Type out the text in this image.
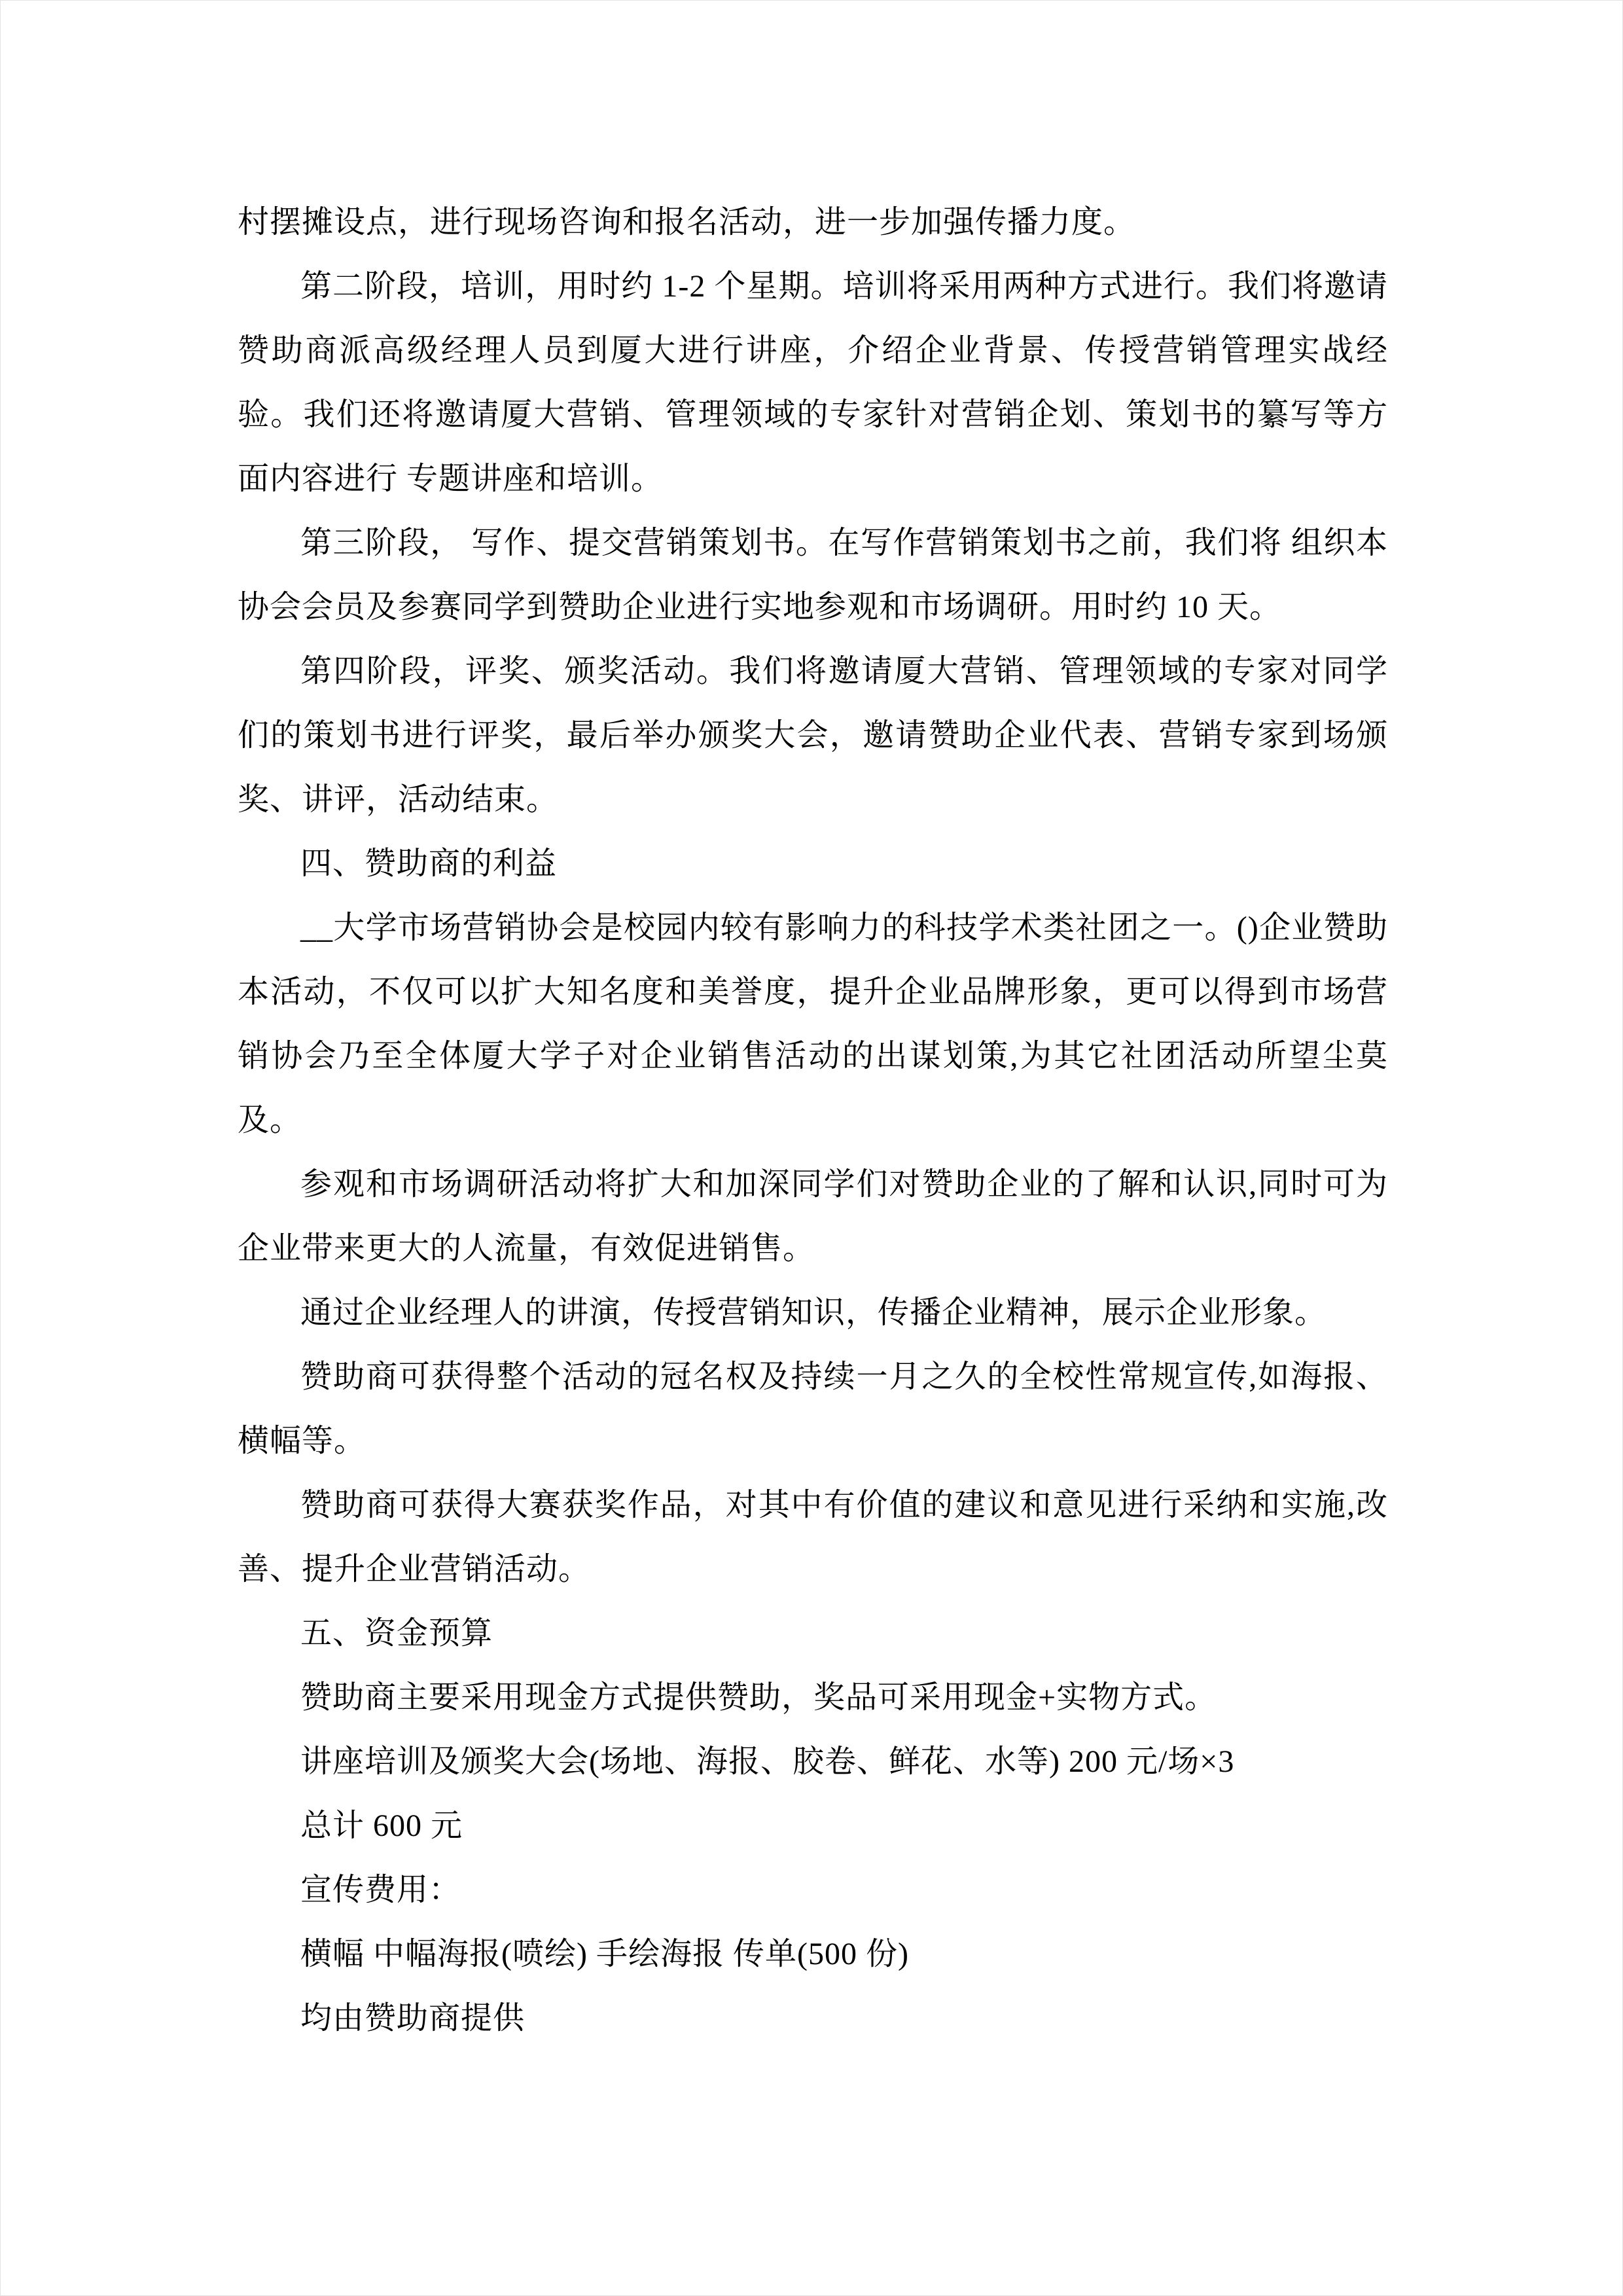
村摆摊设点，进行现场咨询和报名活动，进一步加强传播力度。
第二阶段，培训，用时约 1-2 个星期。培训将采用两种方式进行。我们将邀请赞助商派高级经理人员到厦大进行讲座，介绍企业背景、传授营销管理实战经验。我们还将邀请厦大营销、管理领域的专家针对营销企划、策划书的纂写等方面内容进行 专题讲座和培训。
第三阶段， 写作、提交营销策划书。在写作营销策划书之前，我们将 组织本协会会员及参赛同学到赞助企业进行实地参观和市场调研。用时约 10 天。
第四阶段，评奖、颁奖活动。我们将邀请厦大营销、管理领域的专家对同学们的策划书进行评奖，最后举办颁奖大会，邀请赞助企业代表、营销专家到场颁奖、讲评，活动结束。
四、赞助商的利益
__大学市场营销协会是校园内较有影响力的科技学术类社团之一。()企业赞助本活动，不仅可以扩大知名度和美誉度，提升企业品牌形象，更可以得到市场营销协会乃至全体厦大学子对企业销售活动的出谋划策,为其它社团活动所望尘莫及。
参观和市场调研活动将扩大和加深同学们对赞助企业的了解和认识,同时可为企业带来更大的人流量，有效促进销售。
通过企业经理人的讲演，传授营销知识，传播企业精神，展示企业形象。
赞助商可获得整个活动的冠名权及持续一月之久的全校性常规宣传,如海报、横幅等。
赞助商可获得大赛获奖作品，对其中有价值的建议和意见进行采纳和实施,改善、提升企业营销活动。
五、资金预算
赞助商主要采用现金方式提供赞助，奖品可采用现金+实物方式。
讲座培训及颁奖大会(场地、海报、胶卷、鲜花、水等) 200 元/场×3
总计 600 元
宣传费用：
横幅 中幅海报(喷绘) 手绘海报 传单(500 份)
均由赞助商提供
